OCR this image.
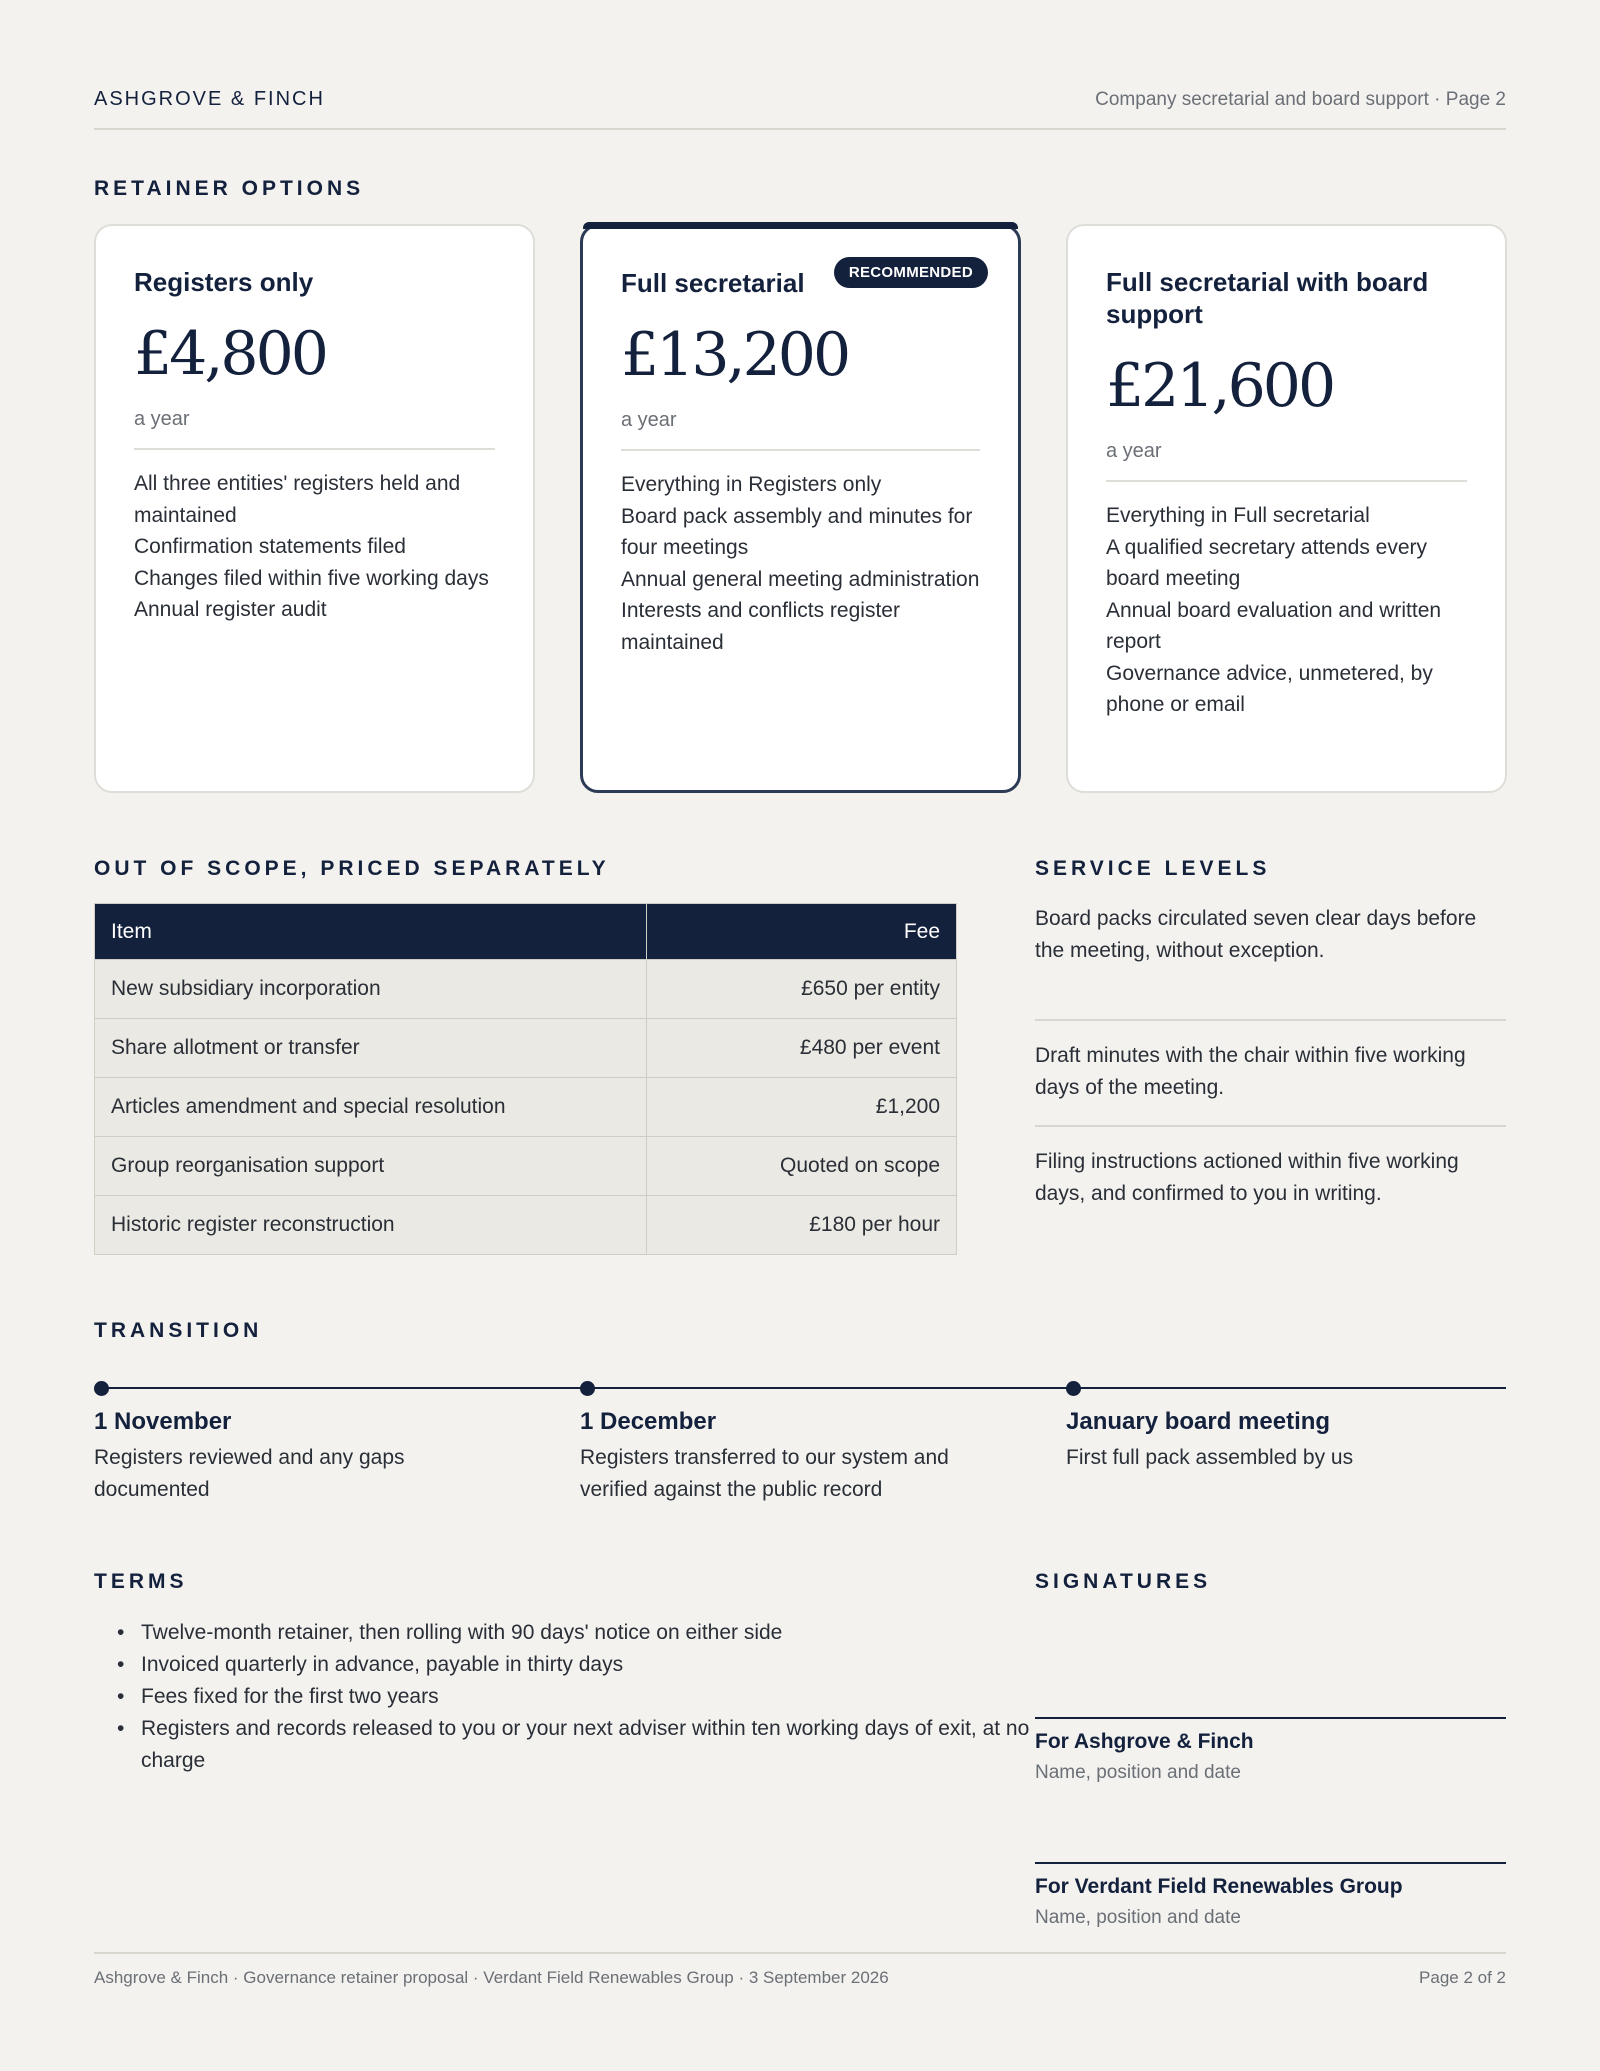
ASHGROVE & FINCH	Company secretarial and board support · Page 2
RETAINER OPTIONS
Registers only
£4,800
a year
All three entities' registers held and maintained
Confirmation statements filed
Changes filed within five working days
Annual register audit
RECOMMENDED
Full secretarial
£13,200
a year
Everything in Registers only
Board pack assembly and minutes for four meetings
Annual general meeting administration
Interests and conflicts register maintained
Full secretarial with board support
£21,600
a year
Everything in Full secretarial
A qualified secretary attends every board meeting
Annual board evaluation and written report
Governance advice, unmetered, by phone or email
OUT OF SCOPE, PRICED SEPARATELY
Item	Fee
New subsidiary incorporation	£650 per entity
Share allotment or transfer	£480 per event
Articles amendment and special resolution	£1,200
Group reorganisation support	Quoted on scope
Historic register reconstruction	£180 per hour
SERVICE LEVELS
Board packs circulated seven clear days before the meeting, without exception.
Draft minutes with the chair within five working days of the meeting.
Filing instructions actioned within five working days, and confirmed to you in writing.
TRANSITION
1 November
Registers reviewed and any gaps documented
1 December
Registers transferred to our system and verified against the public record
January board meeting
First full pack assembled by us
TERMS
• Twelve-month retainer, then rolling with 90 days' notice on either side
• Invoiced quarterly in advance, payable in thirty days
• Fees fixed for the first two years
• Registers and records released to you or your next adviser within ten working days of exit, at no charge
SIGNATURES
For Ashgrove & Finch
Name, position and date
For Verdant Field Renewables Group
Name, position and date
Ashgrove & Finch · Governance retainer proposal · Verdant Field Renewables Group · 3 September 2026	Page 2 of 2
